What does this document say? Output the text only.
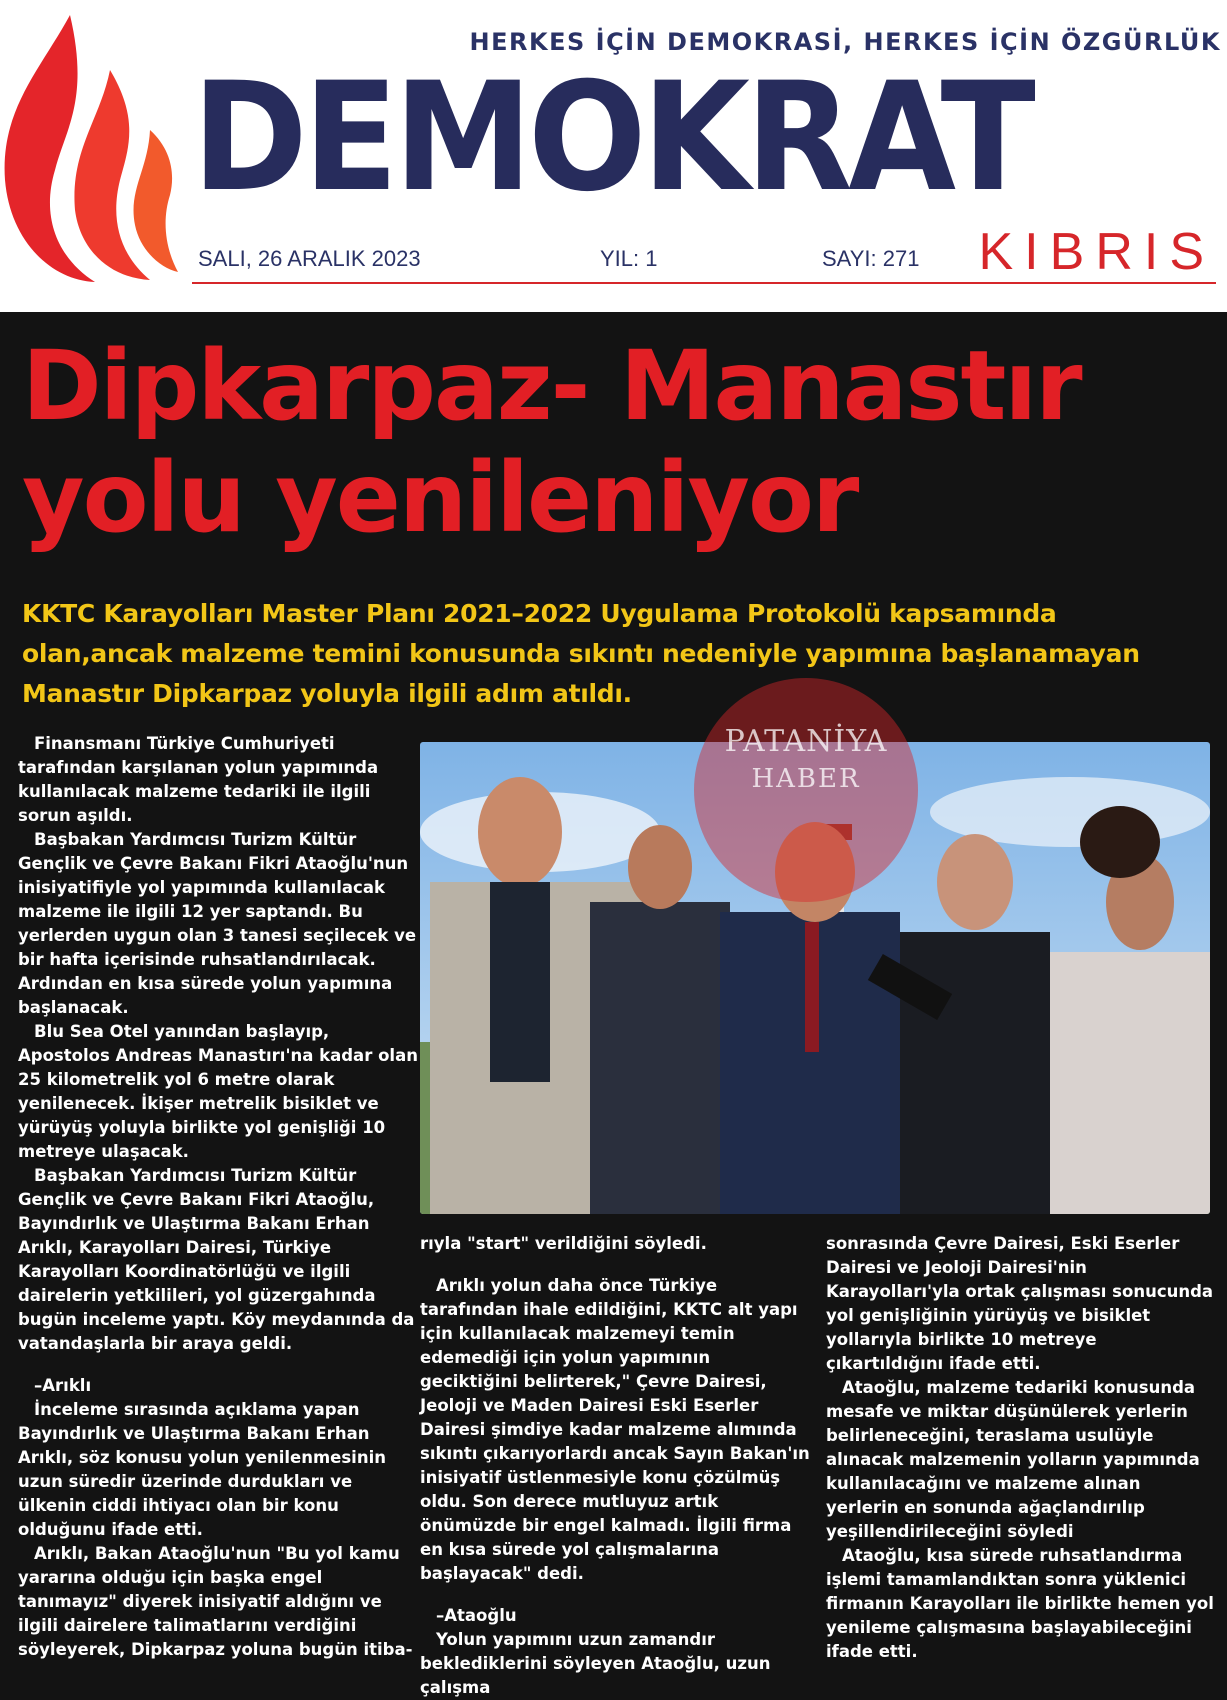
HERKES İÇİN DEMOKRASİ, HERKES İÇİN ÖZGÜRLÜK
DEMOKRAT
SALI, 26 ARALIK 2023	YIL: 1	SAYI: 271 KIBRIS
Dipkarpaz- Manastır
yolu yenileniyor
KKTC Karayolları Master Planı 2021–2022 Uygulama Protokolü kapsamında olan,ancak malzeme temini konusunda sıkıntı nedeniyle yapımına başlanamayan Manastır Dipkarpaz yoluyla ilgili adım atıldı.

Finansmanı Türkiye Cumhuriyeti tarafından karşılanan yolun yapımında kullanılacak malzeme tedariki ile ilgili sorun aşıldı.

Başbakan Yardımcısı Turizm Kültür Gençlik ve Çevre Bakanı Fikri Ataoğlu'nun inisiyatifiyle yol yapımında kullanılacak malzeme ile ilgili 12 yer saptandı. Bu yerlerden uygun olan 3 tanesi seçilecek ve bir hafta içerisinde ruhsatlandırılacak. Ardından en kısa sürede yolun yapımına başlanacak.

Blu Sea Otel yanından başlayıp, Apostolos Andreas Manastırı'na kadar olan 25 kilometrelik yol 6 metre olarak yenilenecek. İkişer metrelik bisiklet ve yürüyüş yoluyla birlikte yol genişliği 10 metreye ulaşacak.

Başbakan Yardımcısı Turizm Kültür Gençlik ve Çevre Bakanı Fikri Ataoğlu, Bayındırlık ve Ulaştırma Bakanı Erhan Arıklı, Karayolları Dairesi, Türkiye Karayolları Koordinatörlüğü ve ilgili dairelerin yetkilileri, yol güzergahında bugün inceleme yaptı. Köy meydanında da vatandaşlarla bir araya geldi.

–Arıklı

İnceleme sırasında açıklama yapan Bayındırlık ve Ulaştırma Bakanı Erhan Arıklı, söz konusu yolun yenilenmesinin uzun süredir üzerinde durdukları ve ülkenin ciddi ihtiyacı olan bir konu olduğunu ifade etti.

Arıklı, Bakan Ataoğlu'nun "Bu yol kamu yararına olduğu için başka engel tanımayız" diyerek inisiyatif aldığını ve ilgili dairelere talimatlarını verdiğini söyleyerek, Dipkarpaz yoluna bugün itiba-

PATANİYA
HABER

rıyla "start" verildiğini söyledi.

Arıklı yolun daha önce Türkiye tarafından ihale edildiğini, KKTC alt yapı için kullanılacak malzemeyi temin edemediği için yolun yapımının geciktiğini belirterek," Çevre Dairesi, Jeoloji ve Maden Dairesi Eski Eserler Dairesi şimdiye kadar malzeme alımında sıkıntı çıkarıyorlardı ancak Sayın Bakan'ın inisiyatif üstlenmesiyle konu çözülmüş oldu. Son derece mutluyuz artık önümüzde bir engel kalmadı. İlgili firma en kısa sürede yol çalışmalarına başlayacak" dedi.

–Ataoğlu

Yolun yapımını uzun zamandır beklediklerini söyleyen Ataoğlu, uzun çalışma

sonrasında Çevre Dairesi, Eski Eserler Dairesi ve Jeoloji Dairesi'nin Karayolları'yla ortak çalışması sonucunda yol genişliğinin yürüyüş ve bisiklet yollarıyla birlikte 10 metreye çıkartıldığını ifade etti.

Ataoğlu, malzeme tedariki konusunda mesafe ve miktar düşünülerek yerlerin belirleneceğini, teraslama usulüyle alınacak malzemenin yolların yapımında kullanılacağını ve malzeme alınan yerlerin en sonunda ağaçlandırılıp yeşillendirileceğini söyledi

Ataoğlu, kısa sürede ruhsatlandırma işlemi tamamlandıktan sonra yüklenici firmanın Karayolları ile birlikte hemen yol yenileme çalışmasına başlayabileceğini ifade etti.
